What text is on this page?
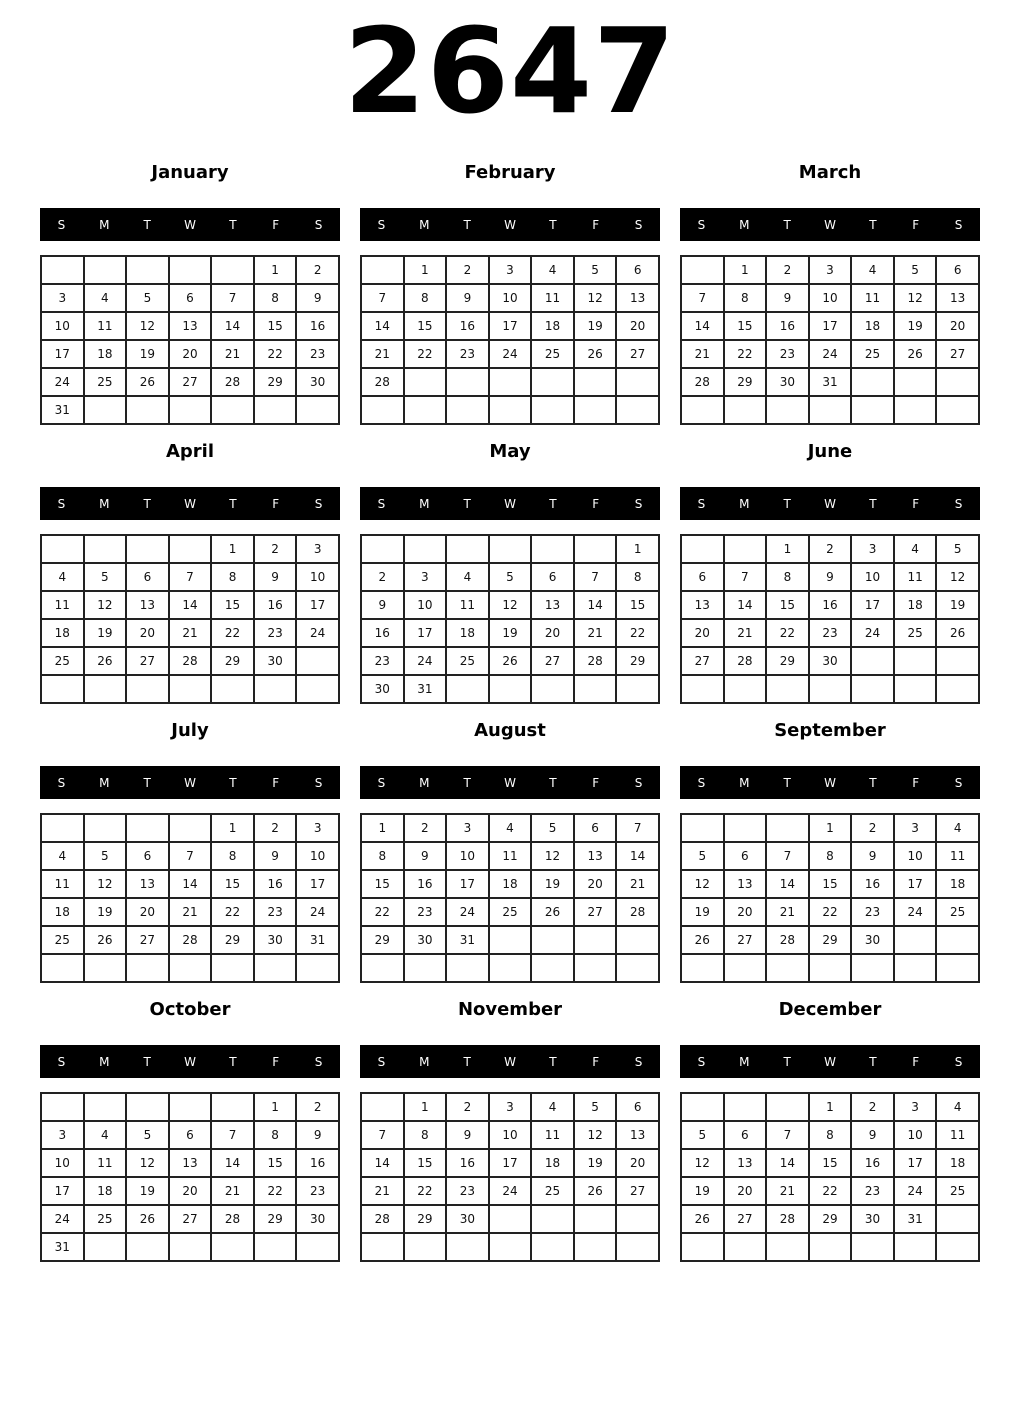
2647
January
S	M	T	W	T	F	S
					1	2
3	4	5	6	7	8	9
10	11	12	13	14	15	16
17	18	19	20	21	22	23
24	25	26	27	28	29	30
31						
February
S	M	T	W	T	F	S
	1	2	3	4	5	6
7	8	9	10	11	12	13
14	15	16	17	18	19	20
21	22	23	24	25	26	27
28						

March
S	M	T	W	T	F	S
	1	2	3	4	5	6
7	8	9	10	11	12	13
14	15	16	17	18	19	20
21	22	23	24	25	26	27
28	29	30	31			

April
S	M	T	W	T	F	S
				1	2	3
4	5	6	7	8	9	10
11	12	13	14	15	16	17
18	19	20	21	22	23	24
25	26	27	28	29	30	

May
S	M	T	W	T	F	S
						1
2	3	4	5	6	7	8
9	10	11	12	13	14	15
16	17	18	19	20	21	22
23	24	25	26	27	28	29
30	31					
June
S	M	T	W	T	F	S
		1	2	3	4	5
6	7	8	9	10	11	12
13	14	15	16	17	18	19
20	21	22	23	24	25	26
27	28	29	30			

July
S	M	T	W	T	F	S
				1	2	3
4	5	6	7	8	9	10
11	12	13	14	15	16	17
18	19	20	21	22	23	24
25	26	27	28	29	30	31

August
S	M	T	W	T	F	S
1	2	3	4	5	6	7
8	9	10	11	12	13	14
15	16	17	18	19	20	21
22	23	24	25	26	27	28
29	30	31				

September
S	M	T	W	T	F	S
			1	2	3	4
5	6	7	8	9	10	11
12	13	14	15	16	17	18
19	20	21	22	23	24	25
26	27	28	29	30		

October
S	M	T	W	T	F	S
					1	2
3	4	5	6	7	8	9
10	11	12	13	14	15	16
17	18	19	20	21	22	23
24	25	26	27	28	29	30
31						
November
S	M	T	W	T	F	S
	1	2	3	4	5	6
7	8	9	10	11	12	13
14	15	16	17	18	19	20
21	22	23	24	25	26	27
28	29	30				

December
S	M	T	W	T	F	S
			1	2	3	4
5	6	7	8	9	10	11
12	13	14	15	16	17	18
19	20	21	22	23	24	25
26	27	28	29	30	31	
